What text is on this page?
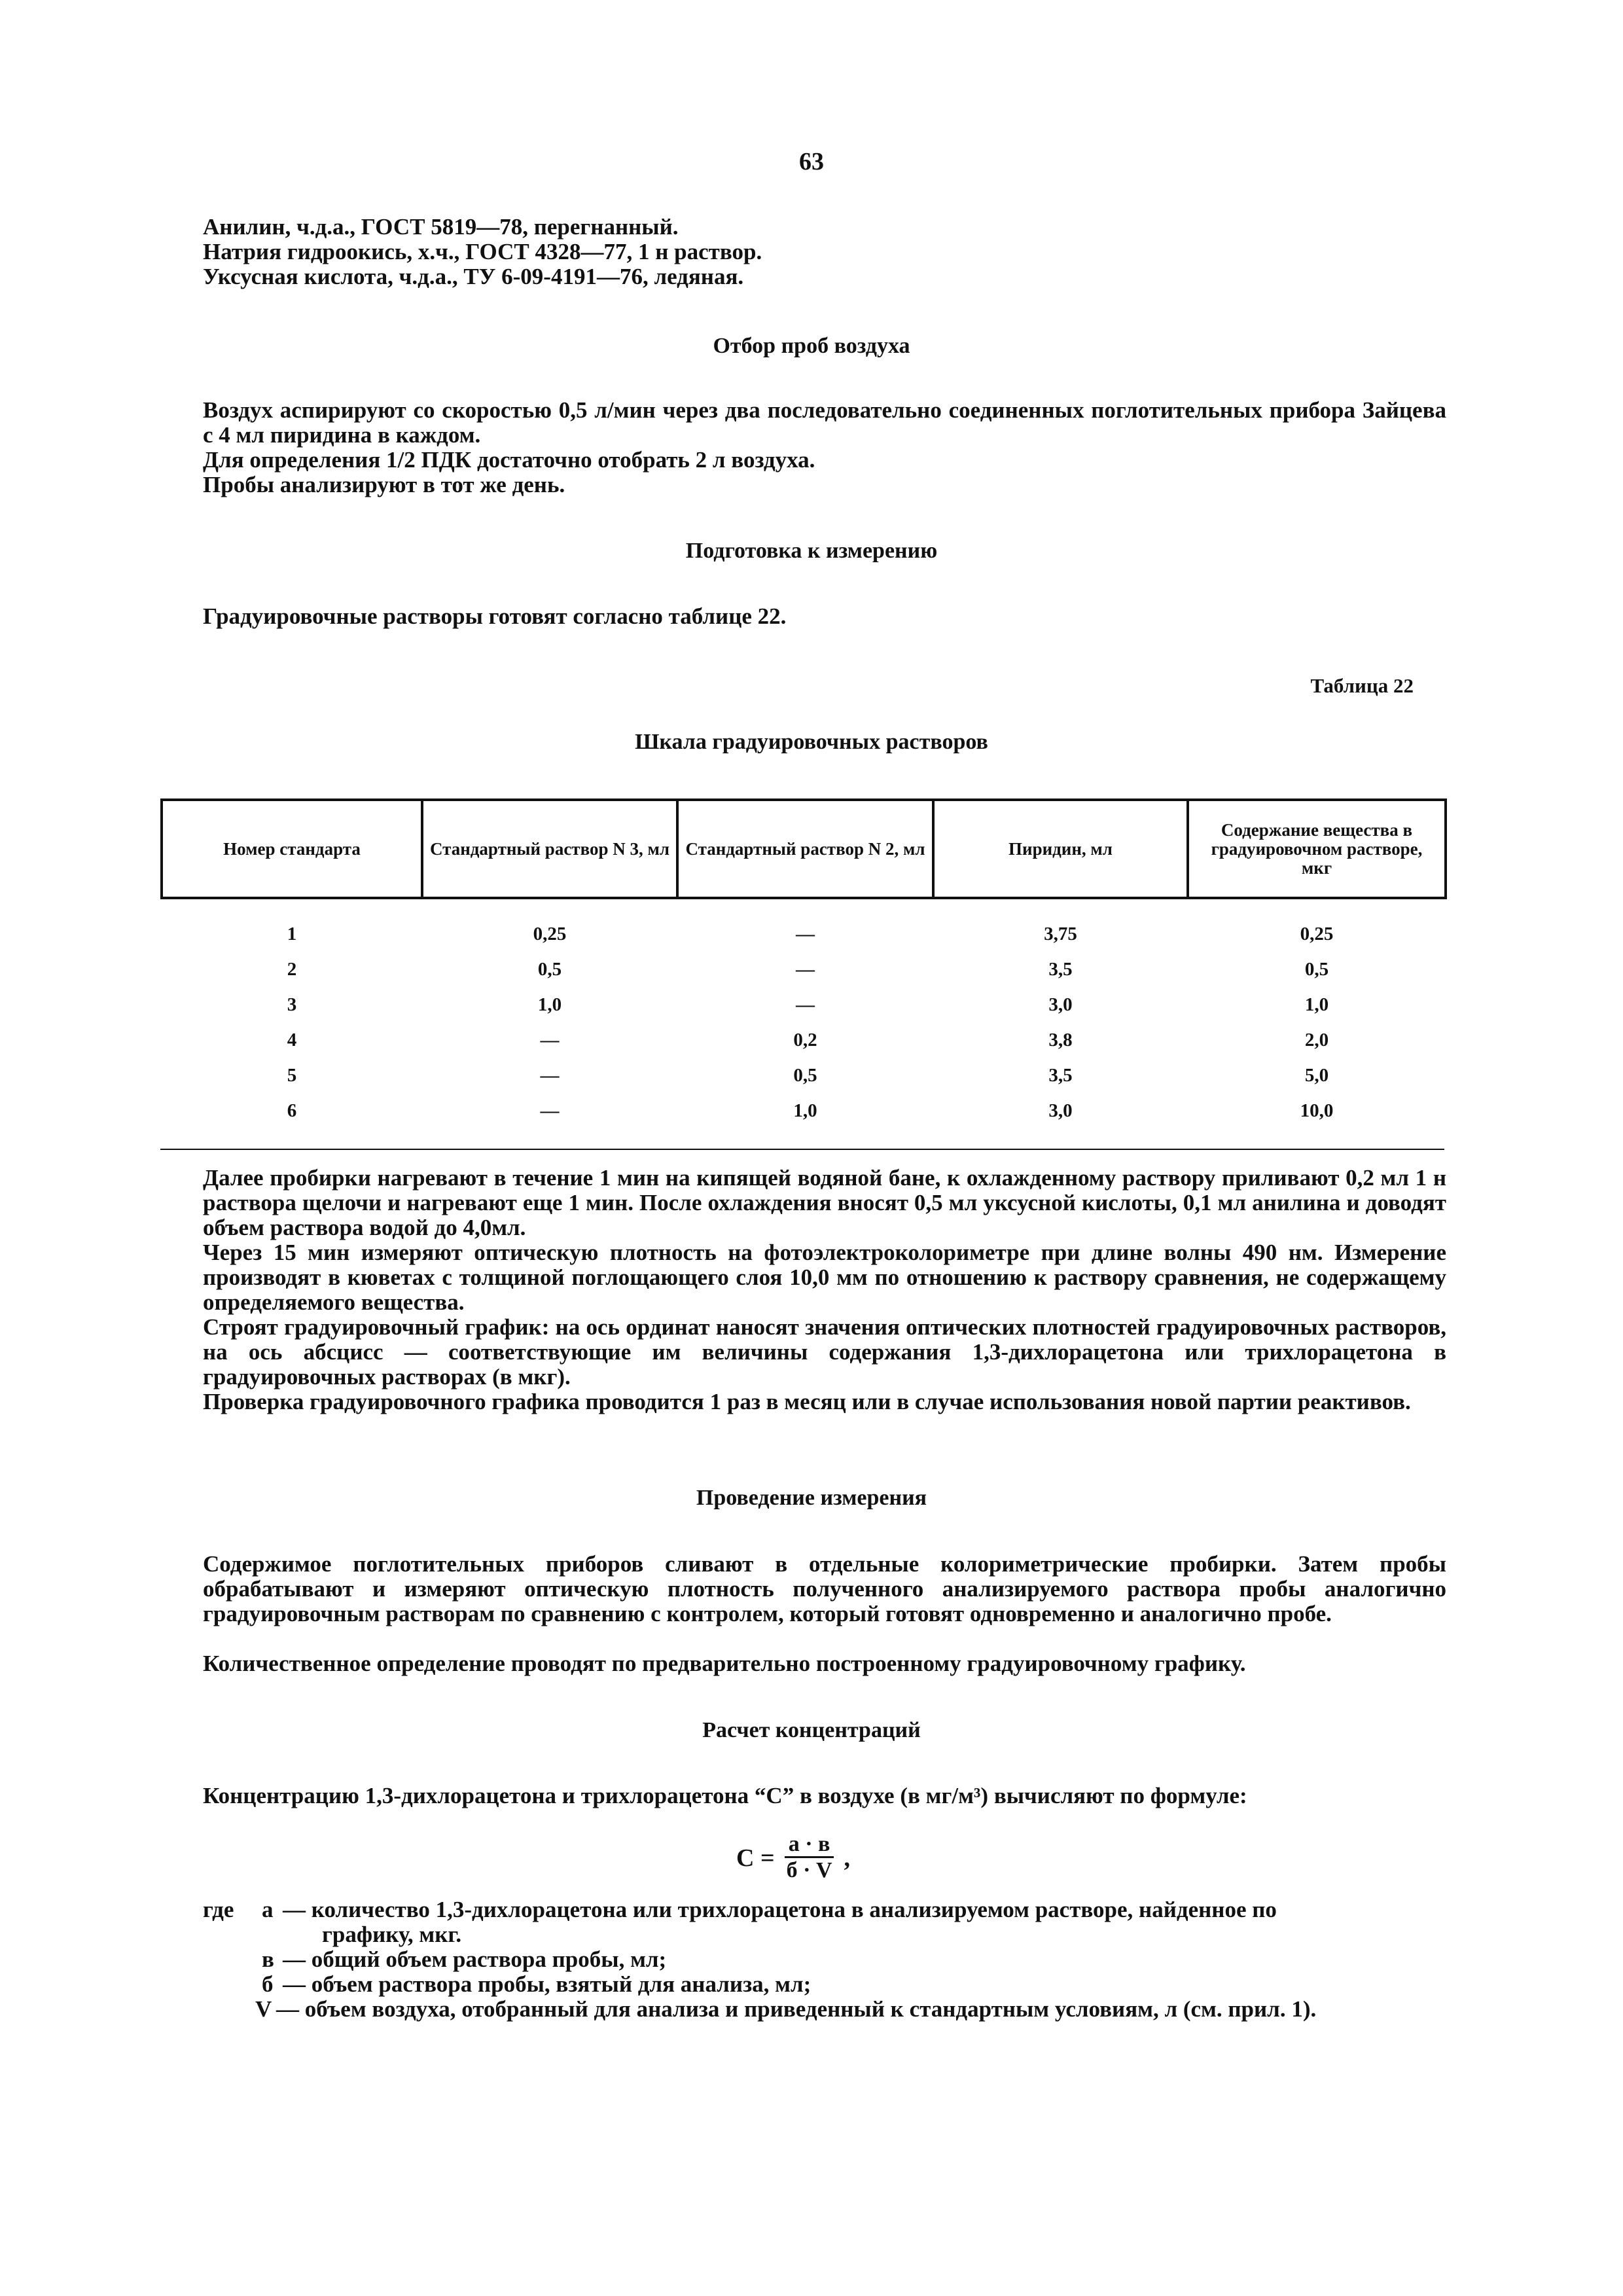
63
Анилин, ч.д.а., ГОСТ 5819—78, перегнанный.
Натрия гидроокись, х.ч., ГОСТ 4328—77, 1 н раствор.
Уксусная кислота, ч.д.а., ТУ 6-09-4191—76, ледяная.
Отбор проб воздуха
Воздух аспирируют со скоростью 0,5 л/мин через два последовательно соединенных поглотительных прибора Зайцева с 4 мл пиридина в каждом.
Для определения 1/2 ПДК достаточно отобрать 2 л воздуха.
Пробы анализируют в тот же день.
Подготовка к измерению
Градуировочные растворы готовят согласно таблице 22.
Таблица 22
Шкала градуировочных растворов
Номер стандарта	Стандартный раствор N 3, мл	Стандартный раствор N 2, мл	Пиридин, мл	Содержание вещества в градуировочном растворе, мкг
1	0,25	—	3,75	0,25
2	0,5	—	3,5	0,5
3	1,0	—	3,0	1,0
4	—	0,2	3,8	2,0
5	—	0,5	3,5	5,0
6	—	1,0	3,0	10,0
Далее пробирки нагревают в течение 1 мин на кипящей водяной бане, к охлажденному раствору приливают 0,2 мл 1 н раствора щелочи и нагревают еще 1 мин. После охлаждения вносят 0,5 мл уксусной кислоты, 0,1 мл анилина и доводят объем раствора водой до 4,0мл.
Через 15 мин измеряют оптическую плотность на фотоэлектроколориметре при длине волны 490 нм. Измерение производят в кюветах с толщиной поглощающего слоя 10,0 мм по отношению к раствору сравнения, не содержащему определяемого вещества.
Строят градуировочный график: на ось ординат наносят значения оптических плотностей градуировочных растворов, на ось абсцисс — соответствующие им величины содержания 1,3-дихлорацетона или трихлорацетона в градуировочных растворах (в мкг).
Проверка градуировочного графика проводится 1 раз в месяц или в случае использования новой партии реактивов.
Проведение измерения
Содержимое поглотительных приборов сливают в отдельные колориметрические пробирки. Затем пробы обрабатывают и измеряют оптическую плотность полученного анализируемого раствора пробы аналогично градуировочным растворам по сравнению с контролем, который готовят одновременно и аналогично пробе.
Количественное определение проводят по предварительно построенному градуировочному графику.
Расчет концентраций
Концентрацию 1,3-дихлорацетона и трихлорацетона “С” в воздухе (в мг/м³) вычисляют по формуле:
$С = \frac{а \cdot в}{б \cdot V}$ ,
где а — количество 1,3-дихлорацетона или трихлорацетона в анализируемом растворе, найденное по
графику, мкг.
в — общий объем раствора пробы, мл;
б — объем раствора пробы, взятый для анализа, мл;
V — объем воздуха, отобранный для анализа и приведенный к стандартным условиям, л (см. прил. 1).
